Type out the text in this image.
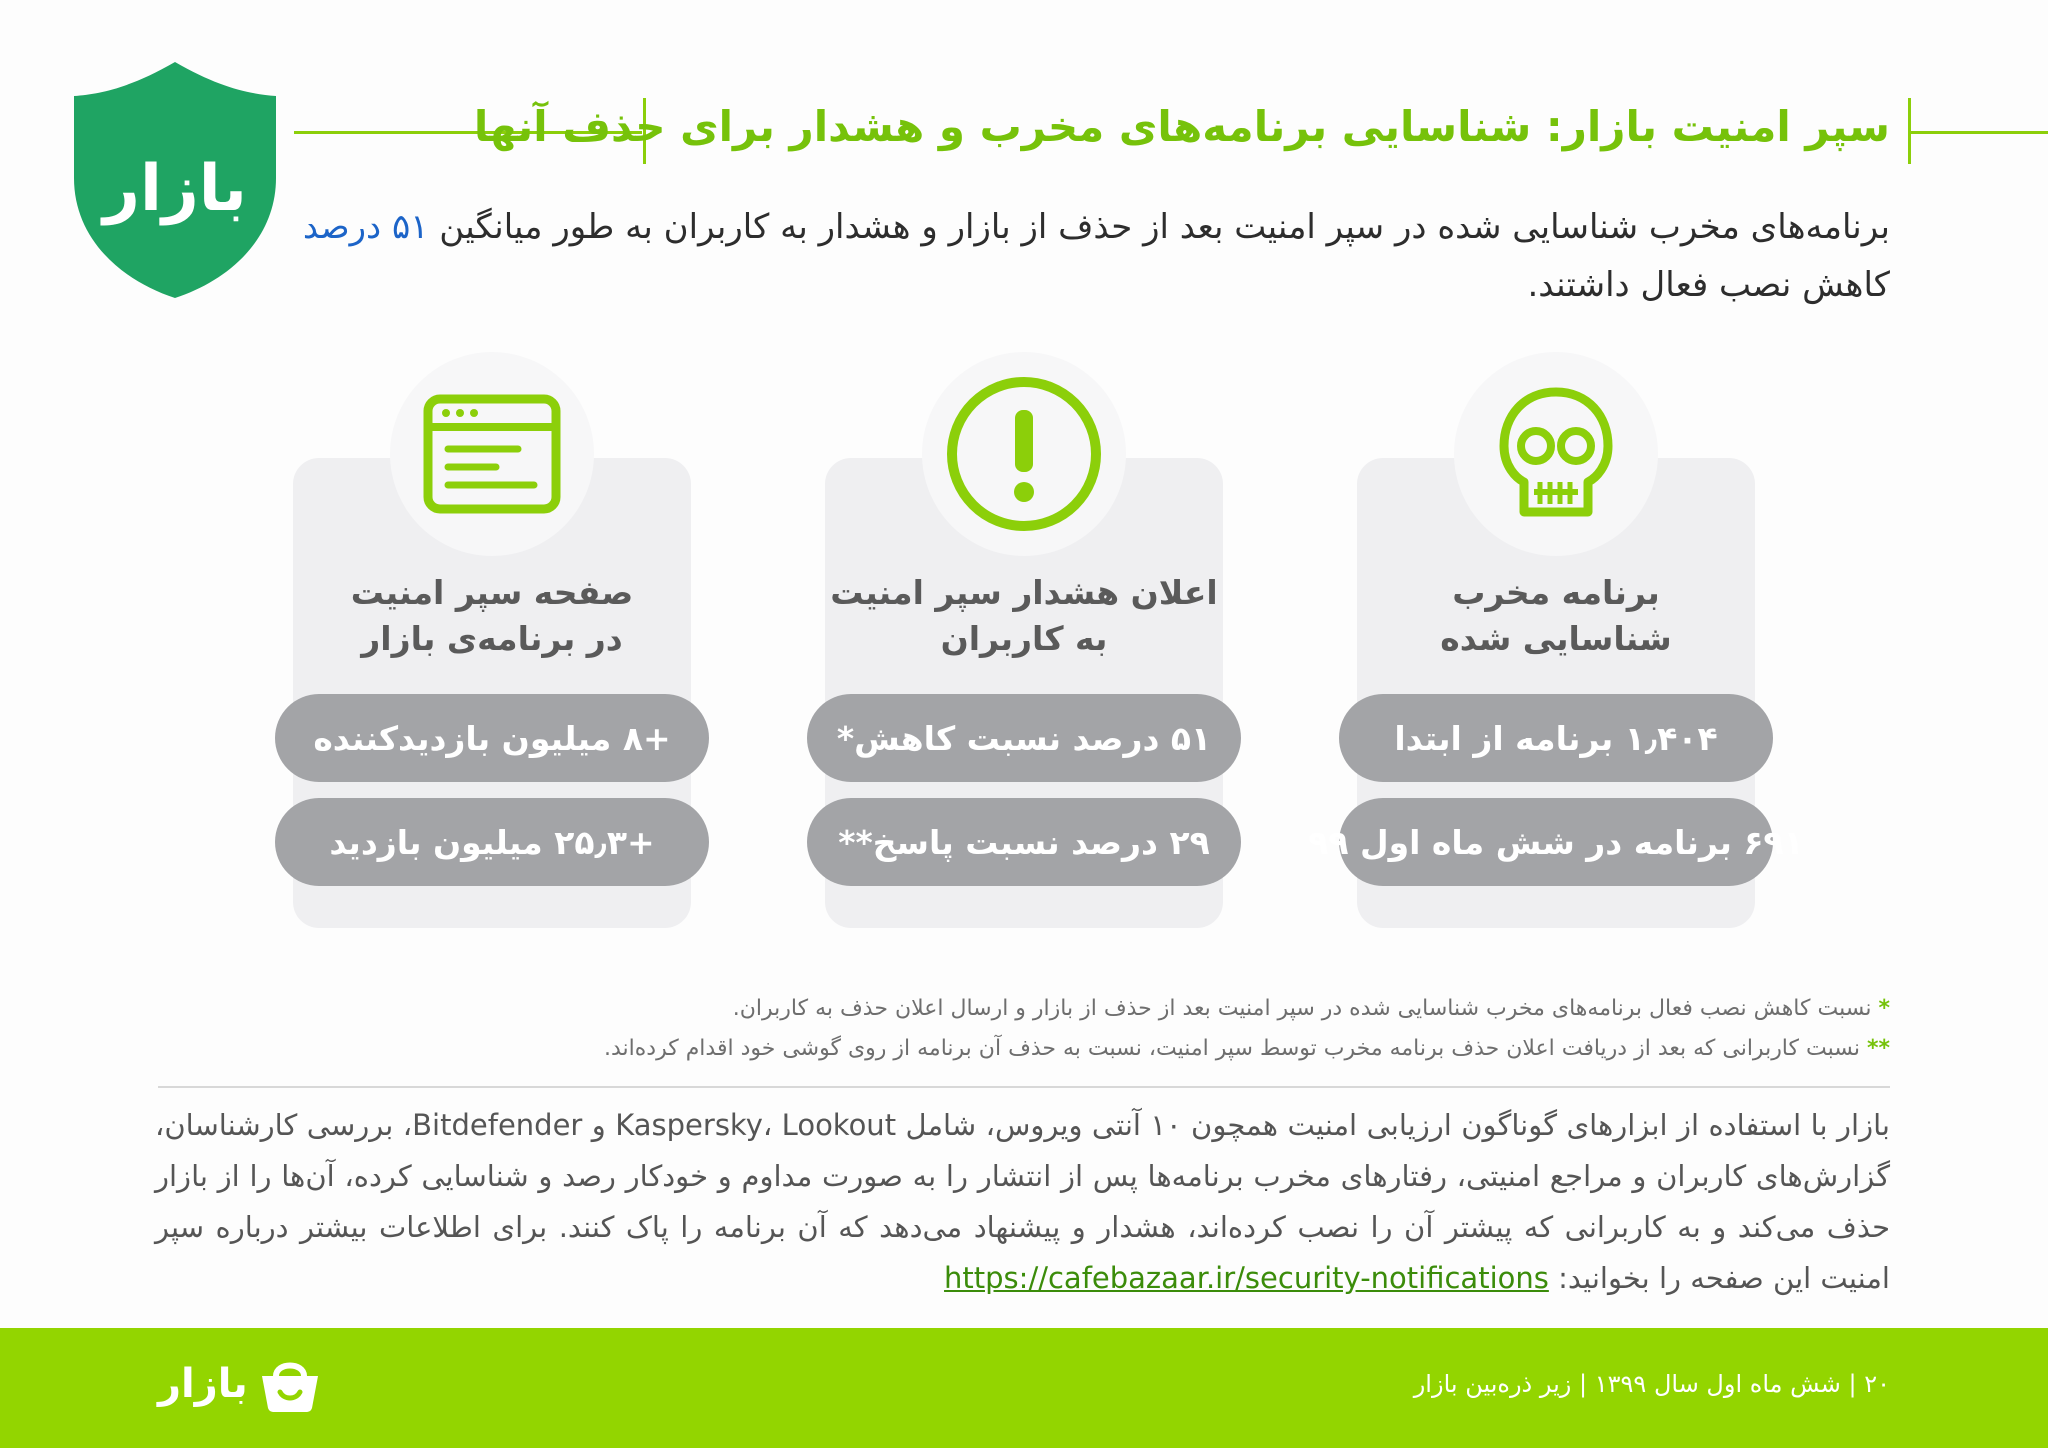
بازار
سپر امنیت بازار: شناسایی برنامه‌های مخرب و هشدار برای حذف آنها
برنامه‌های مخرب شناسایی شده در سپر امنیت بعد از حذف از بازار و هشدار به کاربران به طور میانگین ۵۱ درصد کاهش نصب فعال داشتند.
برنامه مخرب
شناسایی شده
۱٫۴۰۴ برنامه از ابتدا
۶۹۱ برنامه در شش ماه اول ۹۹
اعلان هشدار سپر امنیت
به کاربران
۵۱ درصد نسبت کاهش*
۲۹ درصد نسبت پاسخ**
صفحه سپر امنیت
در برنامه‌ی بازار
+۸ میلیون بازدیدکننده
+۲۵٫۳ میلیون بازدید
* نسبت کاهش نصب فعال برنامه‌های مخرب شناسایی شده در سپر امنیت بعد از حذف از بازار و ارسال اعلان حذف به کاربران.
** نسبت کاربرانی که بعد از دریافت اعلان حذف برنامه مخرب توسط سپر امنیت، نسبت به حذف آن برنامه از روی گوشی خود اقدام کرده‌اند.
بازار با استفاده از ابزارهای گوناگون ارزیابی امنیت همچون ۱۰ آنتی ویروس، شامل Kaspersky، Lookout و Bitdefender، بررسی کارشناسان، گزارش‌های کاربران و مراجع امنیتی، رفتارهای مخرب برنامه‌ها پس از انتشار را به صورت مداوم و خودکار رصد و شناسایی کرده، آن‌ها را از بازار حذف می‌کند و به کاربرانی که پیشتر آن را نصب کرده‌اند، هشدار و پیشنهاد می‌دهد که آن برنامه را پاک کنند. برای اطلاعات بیشتر درباره سپر امنیت این صفحه را بخوانید: https://cafebazaar.ir/security-notifications
بازار	۲۰ | شش ماه اول سال ۱۳۹۹ | زیر ذره‌بین بازار
